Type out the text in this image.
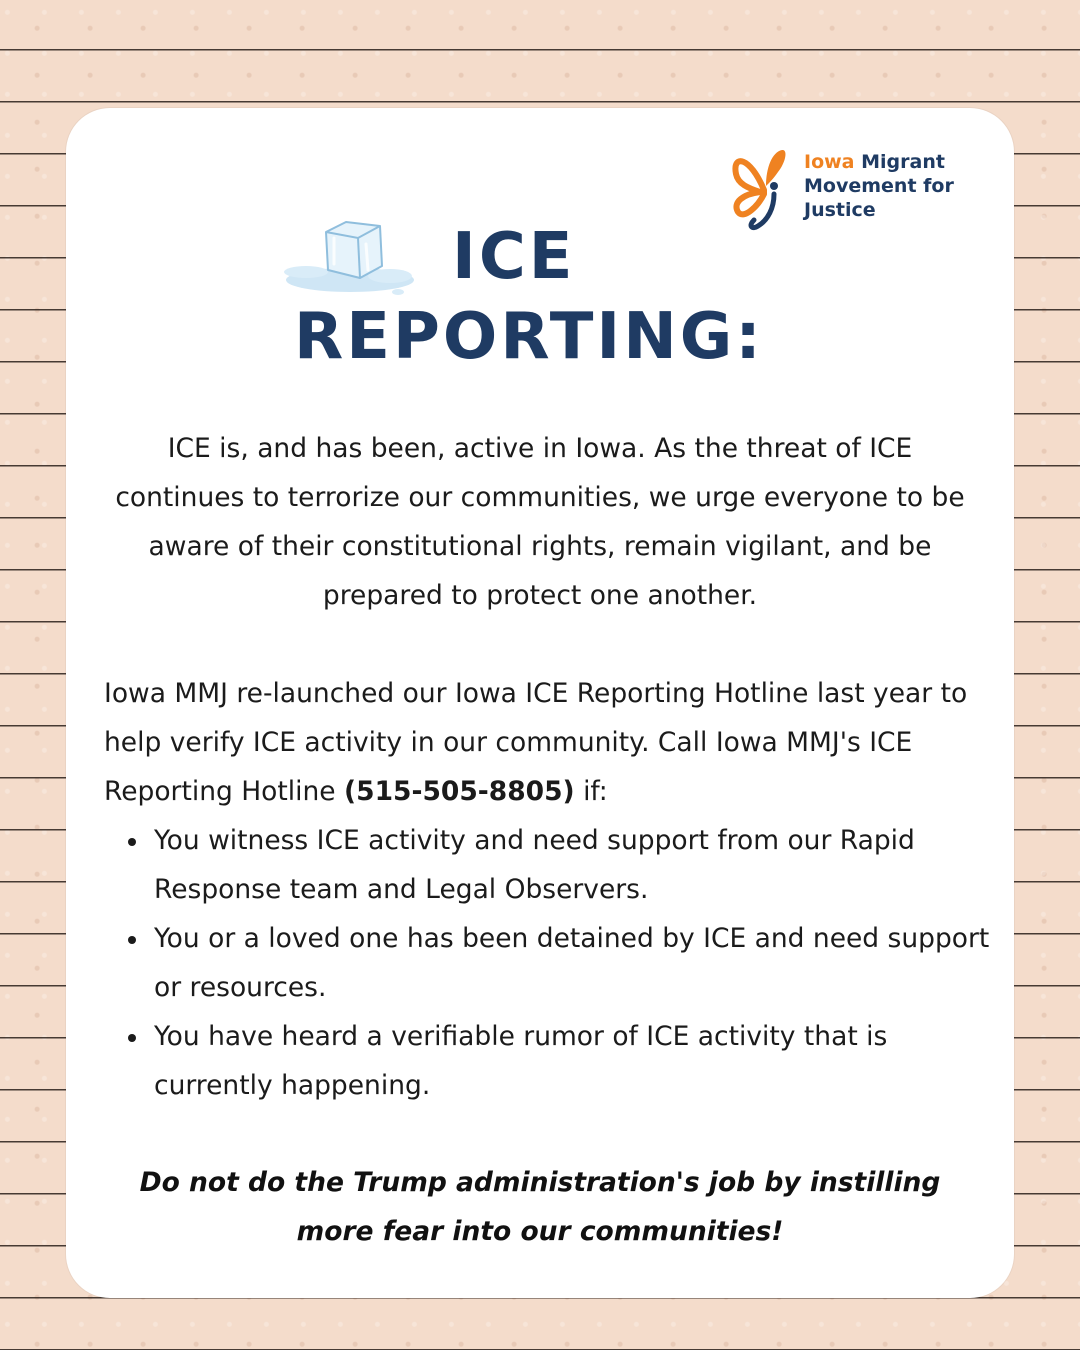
Iowa Migrant
Movement for
Justice
ICE
REPORTING:

ICE is, and has been, active in Iowa. As the threat of ICE continues to terrorize our communities, we urge everyone to be aware of their constitutional rights, remain vigilant, and be prepared to protect one another.

Iowa MMJ re-launched our Iowa ICE Reporting Hotline last year to help verify ICE activity in our community. Call Iowa MMJ's ICE Reporting Hotline (515-505-8805) if:

You witness ICE activity and need support from our Rapid Response team and Legal Observers.
You or a loved one has been detained by ICE and need support or resources.
You have heard a verifiable rumor of ICE activity that is currently happening.

Do not do the Trump administration's job by instilling more fear into our communities!
